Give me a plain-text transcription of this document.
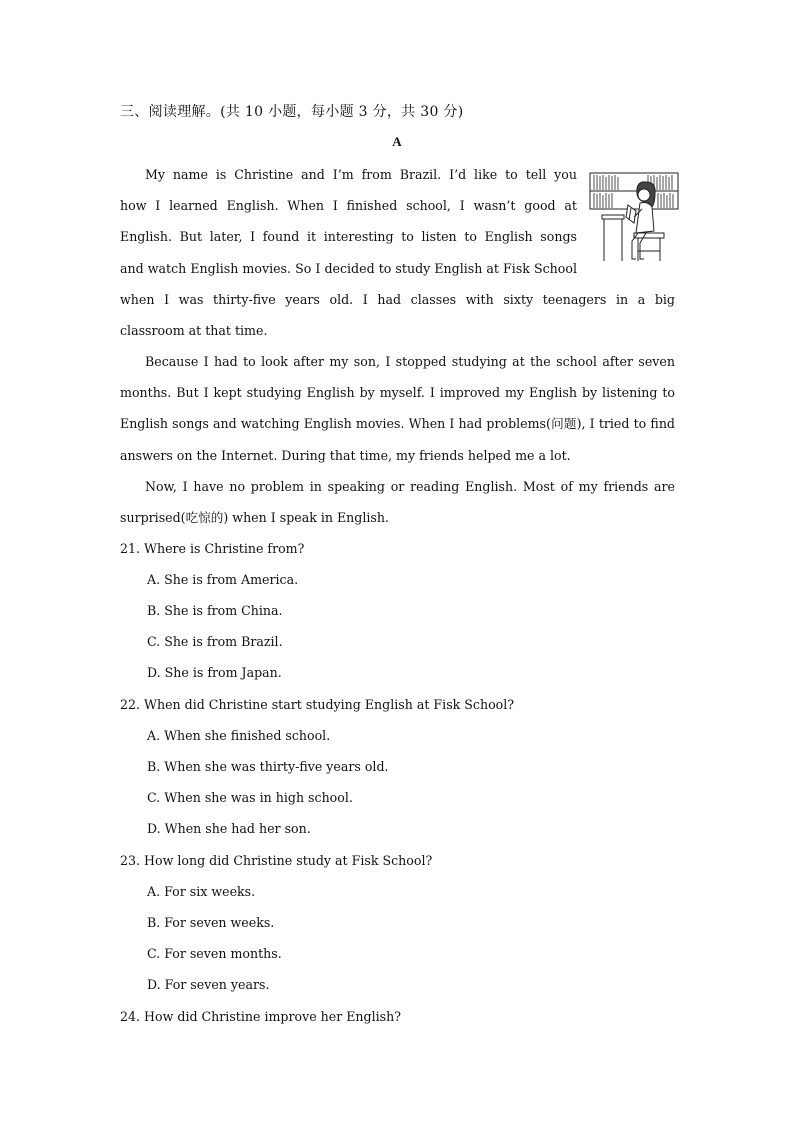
三、阅读理解。(共 10 小题，每小题 3 分，共 30 分)
A
My name is Christine and I’m from Brazil. I’d like to tell you
how I learned English. When I finished school, I wasn’t good at
English. But later, I found it interesting to listen to English songs
and watch English movies. So I decided to study English at Fisk School
when I was thirty-five years old. I had classes with sixty teenagers in a big
classroom at that time.
Because I had to look after my son, I stopped studying at the school after seven months. But I kept studying English by myself. I improved my English by listening to English songs and watching English movies. When I had problems(问题), I tried to find answers on the Internet. During that time, my friends helped me a lot.
Now, I have no problem in speaking or reading English. Most of my friends are surprised(吃惊的) when I speak in English.
21. Where is Christine from?
A. She is from America.
B. She is from China.
C. She is from Brazil.
D. She is from Japan.
22. When did Christine start studying English at Fisk School?
A. When she finished school.
B. When she was thirty-five years old.
C. When she was in high school.
D. When she had her son.
23. How long did Christine study at Fisk School?
A. For six weeks.
B. For seven weeks.
C. For seven months.
D. For seven years.
24. How did Christine improve her English?
